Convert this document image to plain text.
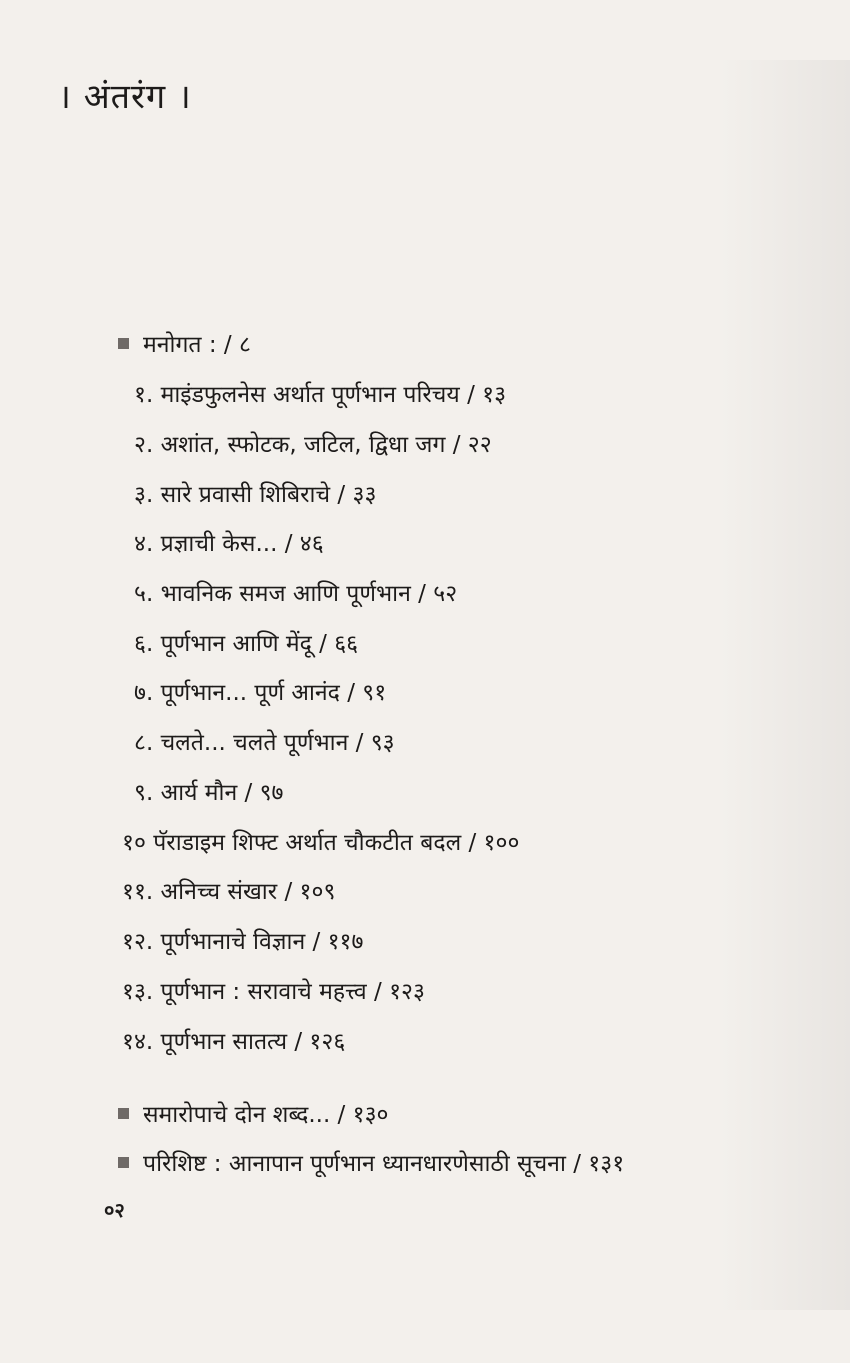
। अंतरंग ।
मनोगत : / ८
१. माइंडफुलनेस अर्थात पूर्णभान परिचय / १३
२. अशांत, स्फोटक, जटिल, द्विधा जग / २२
३. सारे प्रवासी शिबिराचे / ३३
४. प्रज्ञाची केस... / ४६
५. भावनिक समज आणि पूर्णभान / ५२
६. पूर्णभान आणि मेंदू / ६६
७. पूर्णभान... पूर्ण आनंद / ९१
८. चलते... चलते पूर्णभान / ९३
९. आर्य मौन / ९७
१० पॅराडाइम शिफ्ट अर्थात चौकटीत बदल / १००
११. अनिच्च संखार / १०९
१२. पूर्णभानाचे विज्ञान / ११७
१३. पूर्णभान : सरावाचे महत्त्व / १२३
१४. पूर्णभान सातत्य / १२६
समारोपाचे दोन शब्द... / १३०
परिशिष्ट : आनापान पूर्णभान ध्यानधारणेसाठी सूचना / १३१
०२
